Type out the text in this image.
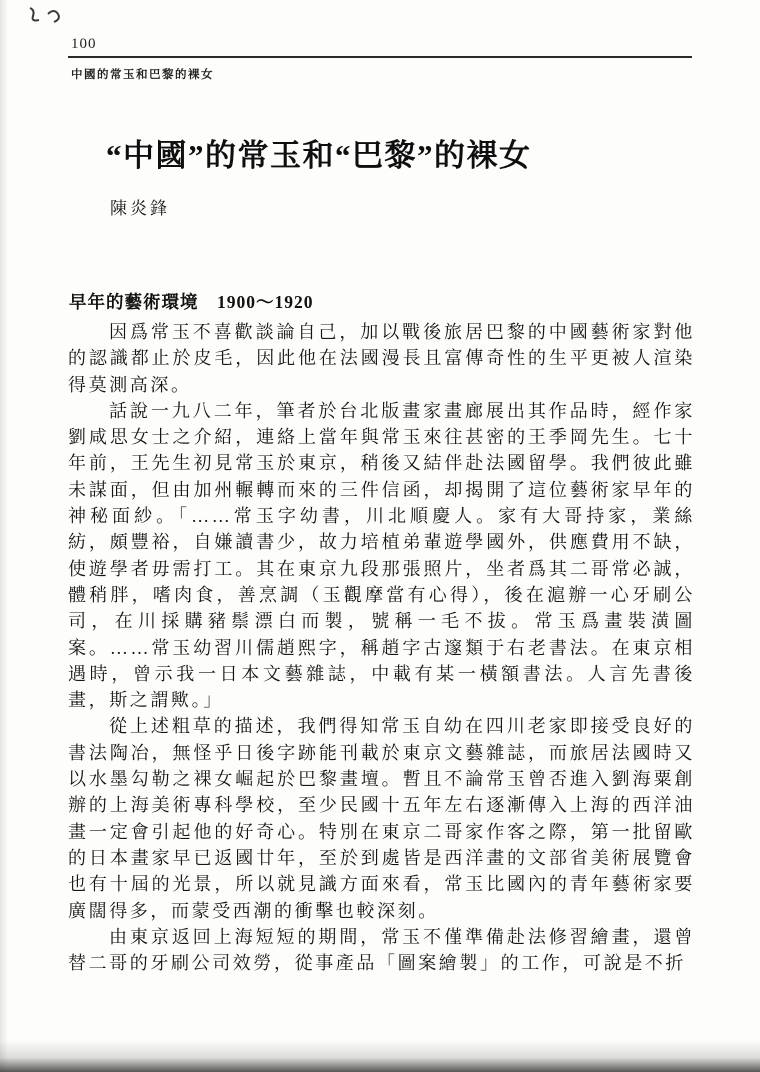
100
中國的常玉和巴黎的裸女
“中國”的常玉和“巴黎”的裸女
陳炎鋒
早年的藝術環境　1900～1920

因爲常玉不喜歡談論自己，加以戰後旅居巴黎的中國藝術家對他的認識都止於皮毛，因此他在法國漫長且富傳奇性的生平更被人渲染得莫測高深。

話說一九八二年，筆者於台北版畫家畫廊展出其作品時，經作家劉咸思女士之介紹，連絡上當年與常玉來往甚密的王季岡先生。七十年前，王先生初見常玉於東京，稍後又結伴赴法國留學。我們彼此雖未謀面，但由加州輾轉而來的三件信函，却揭開了這位藝術家早年的神秘面紗。「……常玉字幼書，川北順慶人。家有大哥持家，業絲紡，頗豐裕，自嫌讀書少，故力培植弟輩遊學國外，供應費用不缺，使遊學者毋需打工。其在東京九段那張照片，坐者爲其二哥常必誠，體稍胖，嗜肉食，善烹調（玉觀摩當有心得），後在滬辦一心牙刷公司，在川採購豬鬃漂白而製，號稱一毛不拔。常玉爲畫裝潢圖案。……常玉幼習川儒趙熙字，稱趙字古邃類于右老書法。在東京相遇時，曾示我一日本文藝雜誌，中載有某一橫額書法。人言先書後畫，斯之謂歟。」

從上述粗草的描述，我們得知常玉自幼在四川老家即接受良好的書法陶冶，無怪乎日後字跡能刊載於東京文藝雜誌，而旅居法國時又以水墨勾勒之裸女崛起於巴黎畫壇。暫且不論常玉曾否進入劉海粟創辦的上海美術專科學校，至少民國十五年左右逐漸傳入上海的西洋油畫一定會引起他的好奇心。特別在東京二哥家作客之際，第一批留歐的日本畫家早已返國廿年，至於到處皆是西洋畫的文部省美術展覽會也有十屆的光景，所以就見識方面來看，常玉比國內的青年藝術家要廣闊得多，而蒙受西潮的衝擊也較深刻。

由東京返回上海短短的期間，常玉不僅準備赴法修習繪畫，還曾替二哥的牙刷公司效勞，從事產品「圖案繪製」的工作，可說是不折
